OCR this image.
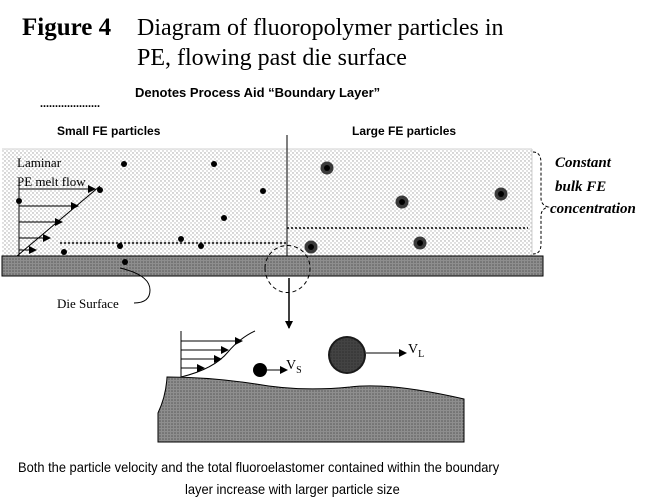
Figure 4 Diagram of fluoropolymer particles in
PE, flowing past die surface
....................
Denotes Process Aid “Boundary Layer”
Small FE particles	Large FE particles
Laminar
PE melt flow
Constant
bulk FE
concentration
Die Surface
$V_S$
$V_L$
Both the particle velocity and the total fluoroelastomer contained within the boundary
layer increase with larger particle size
